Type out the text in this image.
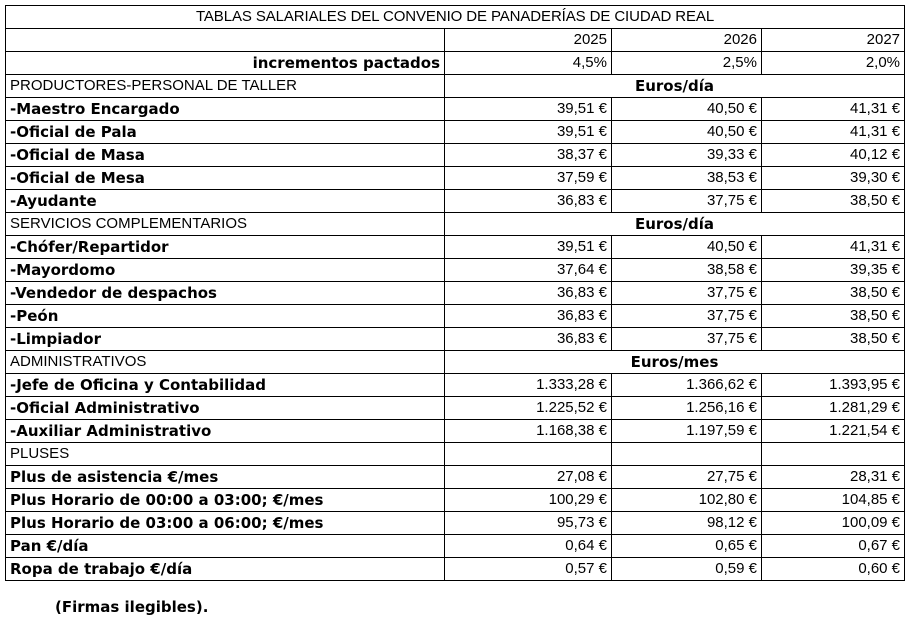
TABLAS SALARIALES DEL CONVENIO DE PANADERÍAS DE CIUDAD REAL			
	2025	2026	2027
incrementos pactados	4,5%	2,5%	2,0%
PRODUCTORES-PERSONAL DE TALLER	Euros/día		
-Maestro Encargado	39,51 €	40,50 €	41,31 €
-Oficial de Pala	39,51 €	40,50 €	41,31 €
-Oficial de Masa	38,37 €	39,33 €	40,12 €
-Oficial de Mesa	37,59 €	38,53 €	39,30 €
-Ayudante	36,83 €	37,75 €	38,50 €
SERVICIOS COMPLEMENTARIOS	Euros/día		
-Chófer/Repartidor	39,51 €	40,50 €	41,31 €
-Mayordomo	37,64 €	38,58 €	39,35 €
-Vendedor de despachos	36,83 €	37,75 €	38,50 €
-Peón	36,83 €	37,75 €	38,50 €
-Limpiador	36,83 €	37,75 €	38,50 €
ADMINISTRATIVOS	Euros/mes		
-Jefe de Oficina y Contabilidad	1.333,28 €	1.366,62 €	1.393,95 €
-Oficial Administrativo	1.225,52 €	1.256,16 €	1.281,29 €
-Auxiliar Administrativo	1.168,38 €	1.197,59 €	1.221,54 €
PLUSES			
Plus de asistencia €/mes	27,08 €	27,75 €	28,31 €
Plus Horario de 00:00 a 03:00; €/mes	100,29 €	102,80 €	104,85 €
Plus Horario de 03:00 a 06:00; €/mes	95,73 €	98,12 €	100,09 €
Pan €/día	0,64 €	0,65 €	0,67 €
Ropa de trabajo €/día	0,57 €	0,59 €	0,60 €
(Firmas ilegibles).
